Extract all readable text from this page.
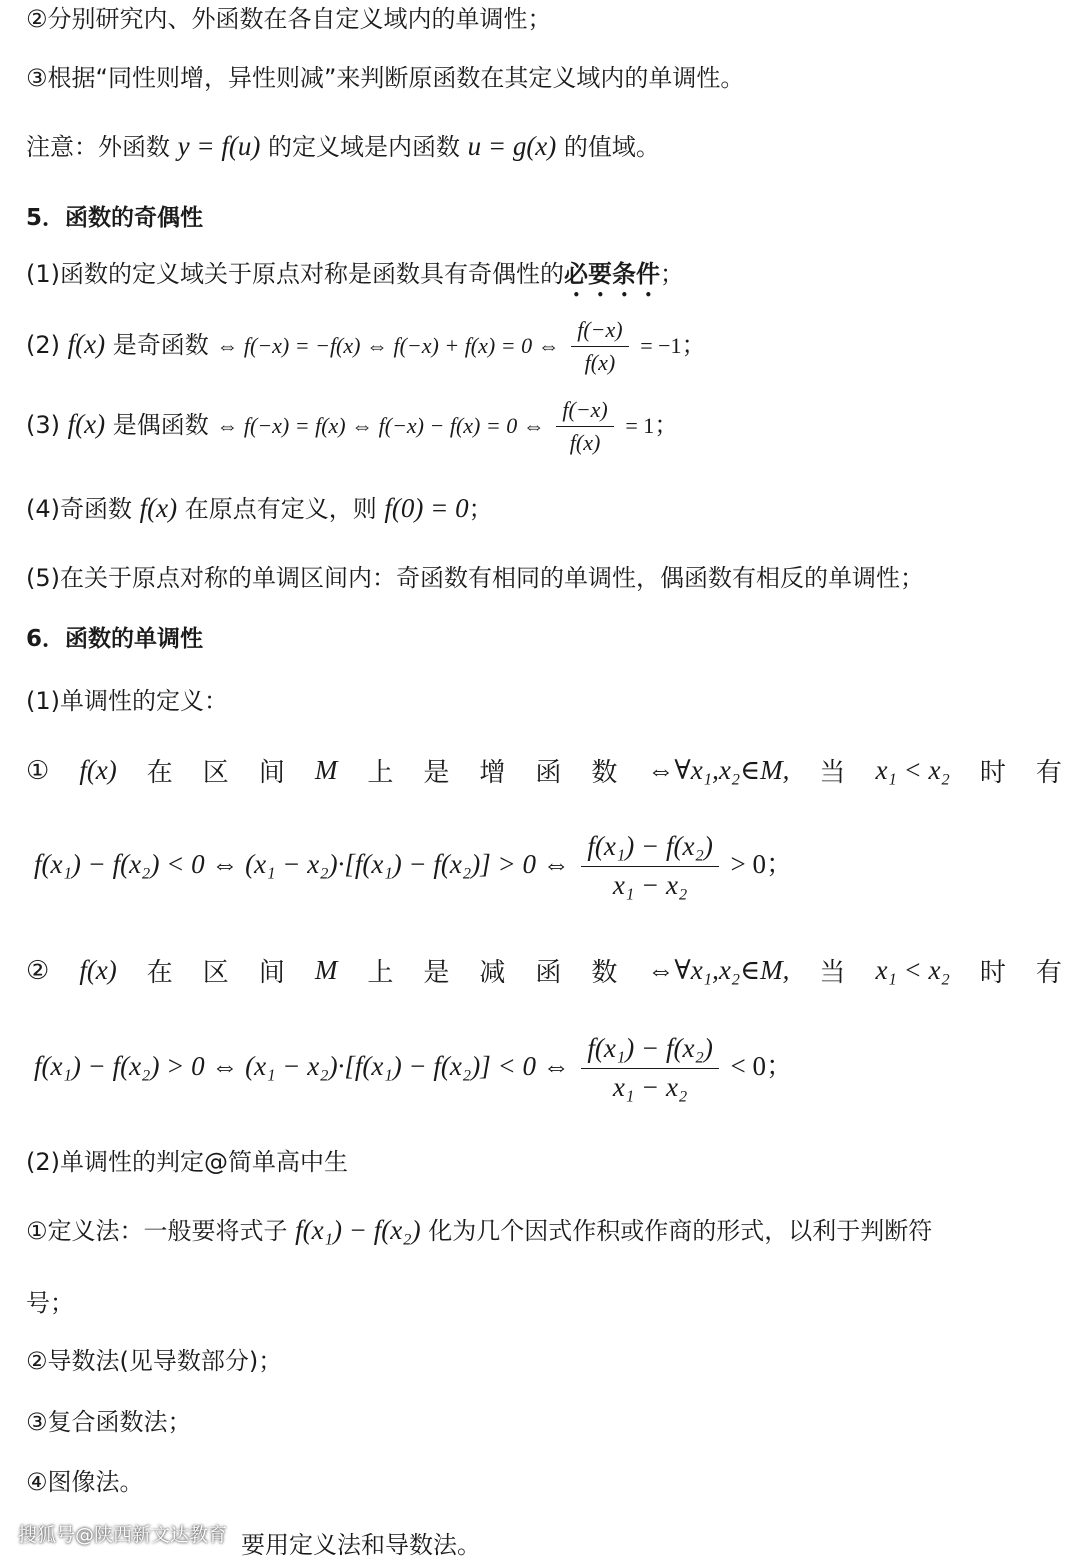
②分别研究内、外函数在各自定义域内的单调性；
③根据“同性则增，异性则减”来判断原函数在其定义域内的单调性。
注意：外函数 y = f(u) 的定义域是内函数 u = g(x) 的值域。
5．函数的奇偶性
(1)函数的定义域关于原点对称是函数具有奇偶性的必要条件；
(2) f(x) 是奇函数 ⇔ f(−x) = −f(x) ⇔ f(−x) + f(x) = 0 ⇔ $\frac{f(-x)}{f(x)} = -1$；
(3) f(x) 是偶函数 ⇔ f(−x) = f(x) ⇔ f(−x) − f(x) = 0 ⇔ $\frac{f(-x)}{f(x)} = 1$；
(4)奇函数 f(x) 在原点有定义，则 f(0) = 0；
(5)在关于原点对称的单调区间内：奇函数有相同的单调性，偶函数有相反的单调性；
6．函数的单调性
(1)单调性的定义：
① f(x) 在 区 间 M 上 是 增 函 数 ⇔∀x₁,x₂∈M, 当 x₁ < x₂ 时 有
f(x₁) − f(x₂) < 0 ⇔ (x₁ − x₂)·[f(x₁) − f(x₂)] > 0 ⇔ $\frac{\text{f(x₁) − f(x₂)}}{\text{x₁ − x₂}} > 0$；
② f(x) 在 区 间 M 上 是 减 函 数 ⇔∀x₁,x₂∈M, 当 x₁ < x₂ 时 有
f(x₁) − f(x₂) > 0 ⇔ (x₁ − x₂)·[f(x₁) − f(x₂)] < 0 ⇔ $\frac{\text{f(x₁) − f(x₂)}}{\text{x₁ − x₂}} < 0$；
(2)单调性的判定@简单高中生
①定义法：一般要将式子 f(x₁) − f(x₂) 化为几个因式作积或作商的形式，以利于判断符
号；
②导数法(见导数部分)；
③复合函数法；
④图像法。
要用定义法和导数法。
搜狐号@陕西新文达教育
